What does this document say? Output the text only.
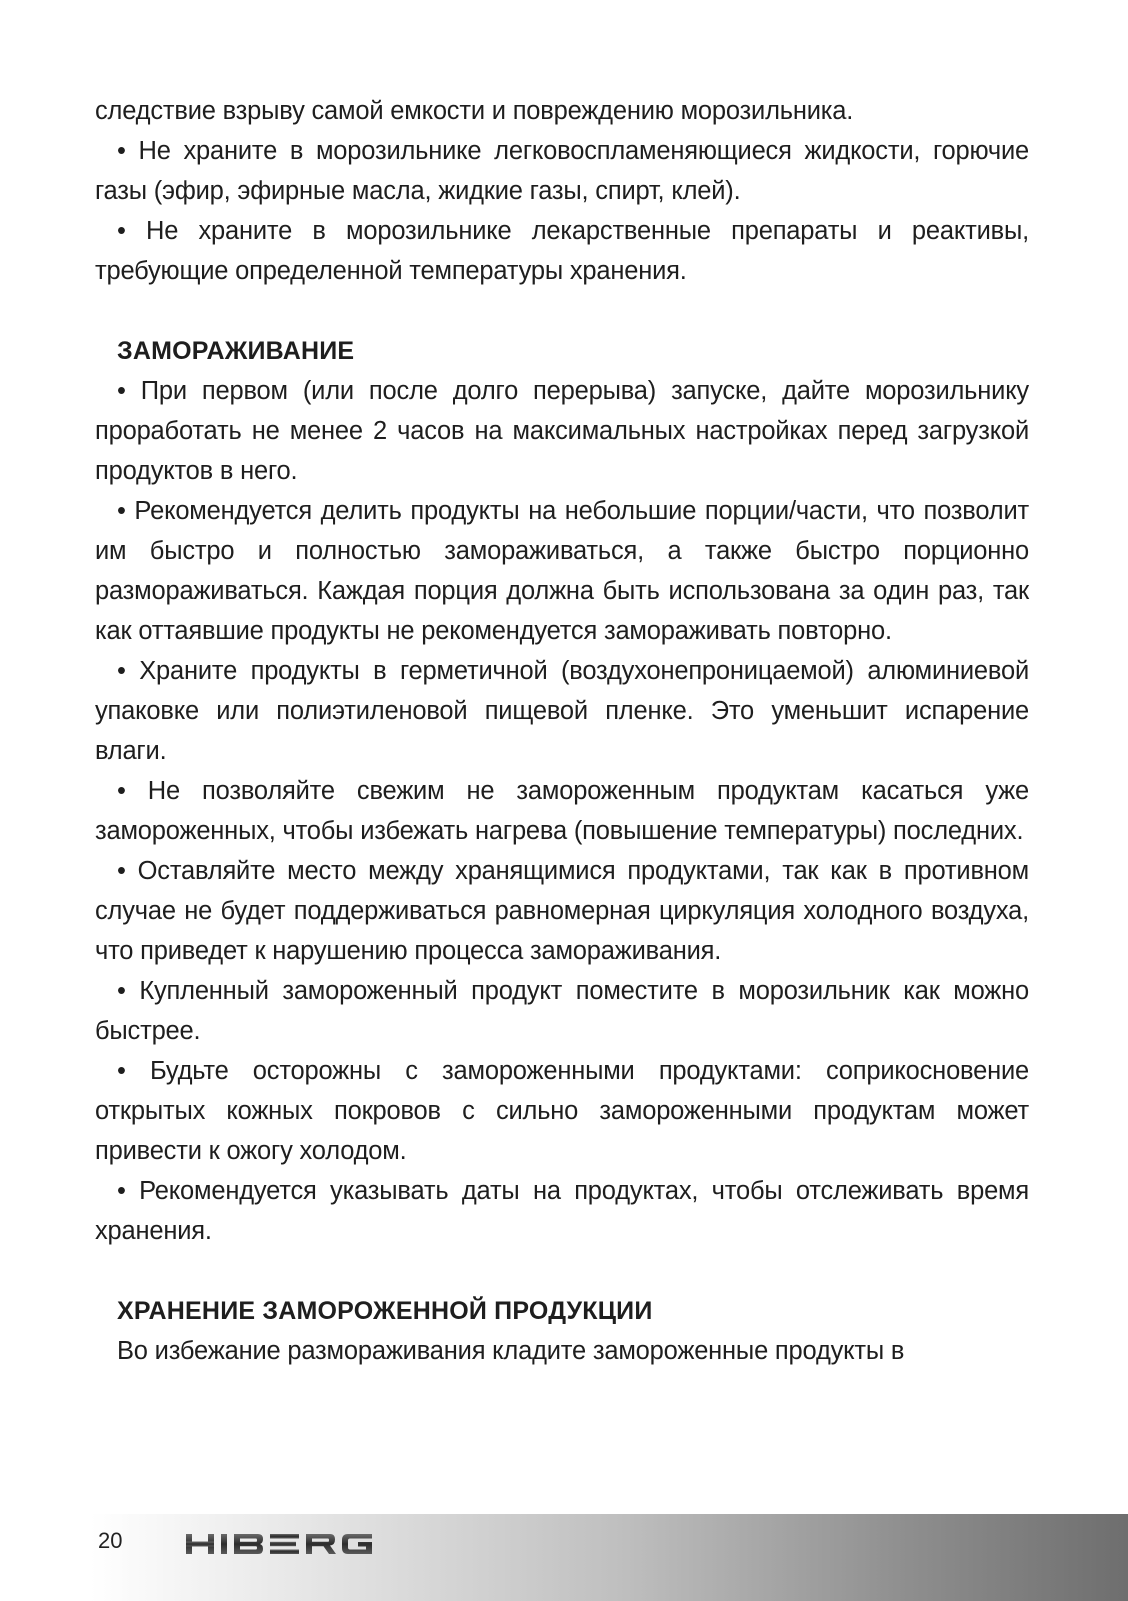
следствие взрыву самой емкости и повреждению морозильника.

• Не храните в морозильнике легковоспламеняющиеся жидкости, горючие газы (эфир, эфирные масла, жидкие газы, спирт, клей).

• Не храните в морозильнике лекарственные препараты и реактивы, требующие определенной температуры хранения.

ЗАМОРАЖИВАНИЕ

• При первом (или после долго перерыва) запуске, дайте морозильнику проработать не менее 2 часов на максимальных настройках перед загрузкой продуктов в него.

• Рекомендуется делить продукты на небольшие порции/части, что позволит им быстро и полностью замораживаться, а также быстро порционно размораживаться. Каждая порция должна быть использована за один раз, так как оттаявшие продукты не рекомендуется замораживать повторно.

• Храните продукты в герметичной (воздухонепроницаемой) алюминиевой упаковке или полиэтиленовой пищевой пленке. Это уменьшит испарение влаги.

• Не позволяйте свежим не замороженным продуктам касаться уже замороженных, чтобы избежать нагрева (повышение температуры) последних.

• Оставляйте место между хранящимися продуктами, так как в противном случае не будет поддерживаться равномерная циркуляция холодного воздуха, что приведет к нарушению процесса замораживания.

• Купленный замороженный продукт поместите в морозильник как можно быстрее.

• Будьте осторожны с замороженными продуктами: соприкосновение открытых кожных покровов с сильно замороженными продуктам может привести к ожогу холодом.

• Рекомендуется указывать даты на продуктах, чтобы отслеживать время хранения.

ХРАНЕНИЕ ЗАМОРОЖЕННОЙ ПРОДУКЦИИ

Во избежание размораживания кладите замороженные продукты в

20
HIBERG
